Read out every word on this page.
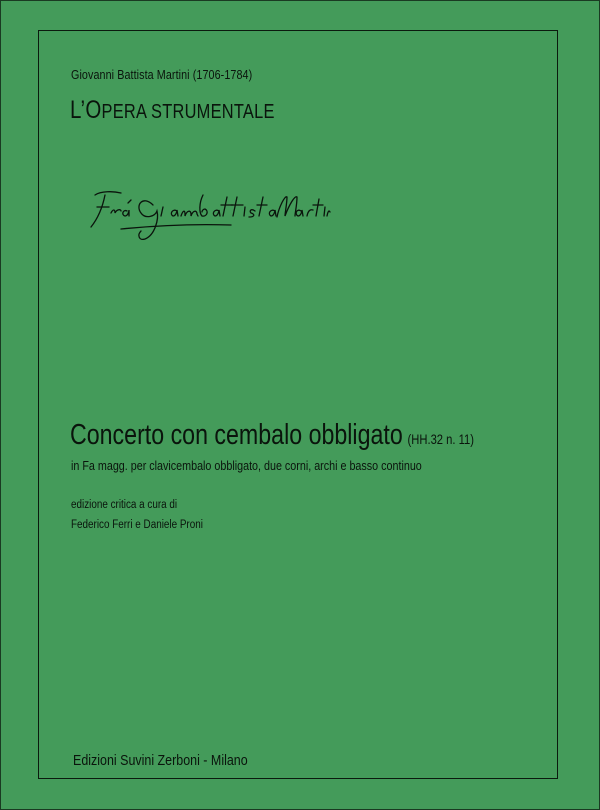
Giovanni Battista Martini (1706-1784)
L’OPERA STRUMENTALE
Concerto con cembalo obbligato (HH.32 n. 11)
in Fa magg. per clavicembalo obbligato, due corni, archi e basso continuo
edizione critica a cura di
Federico Ferri e Daniele Proni
Edizioni Suvini Zerboni - Milano
